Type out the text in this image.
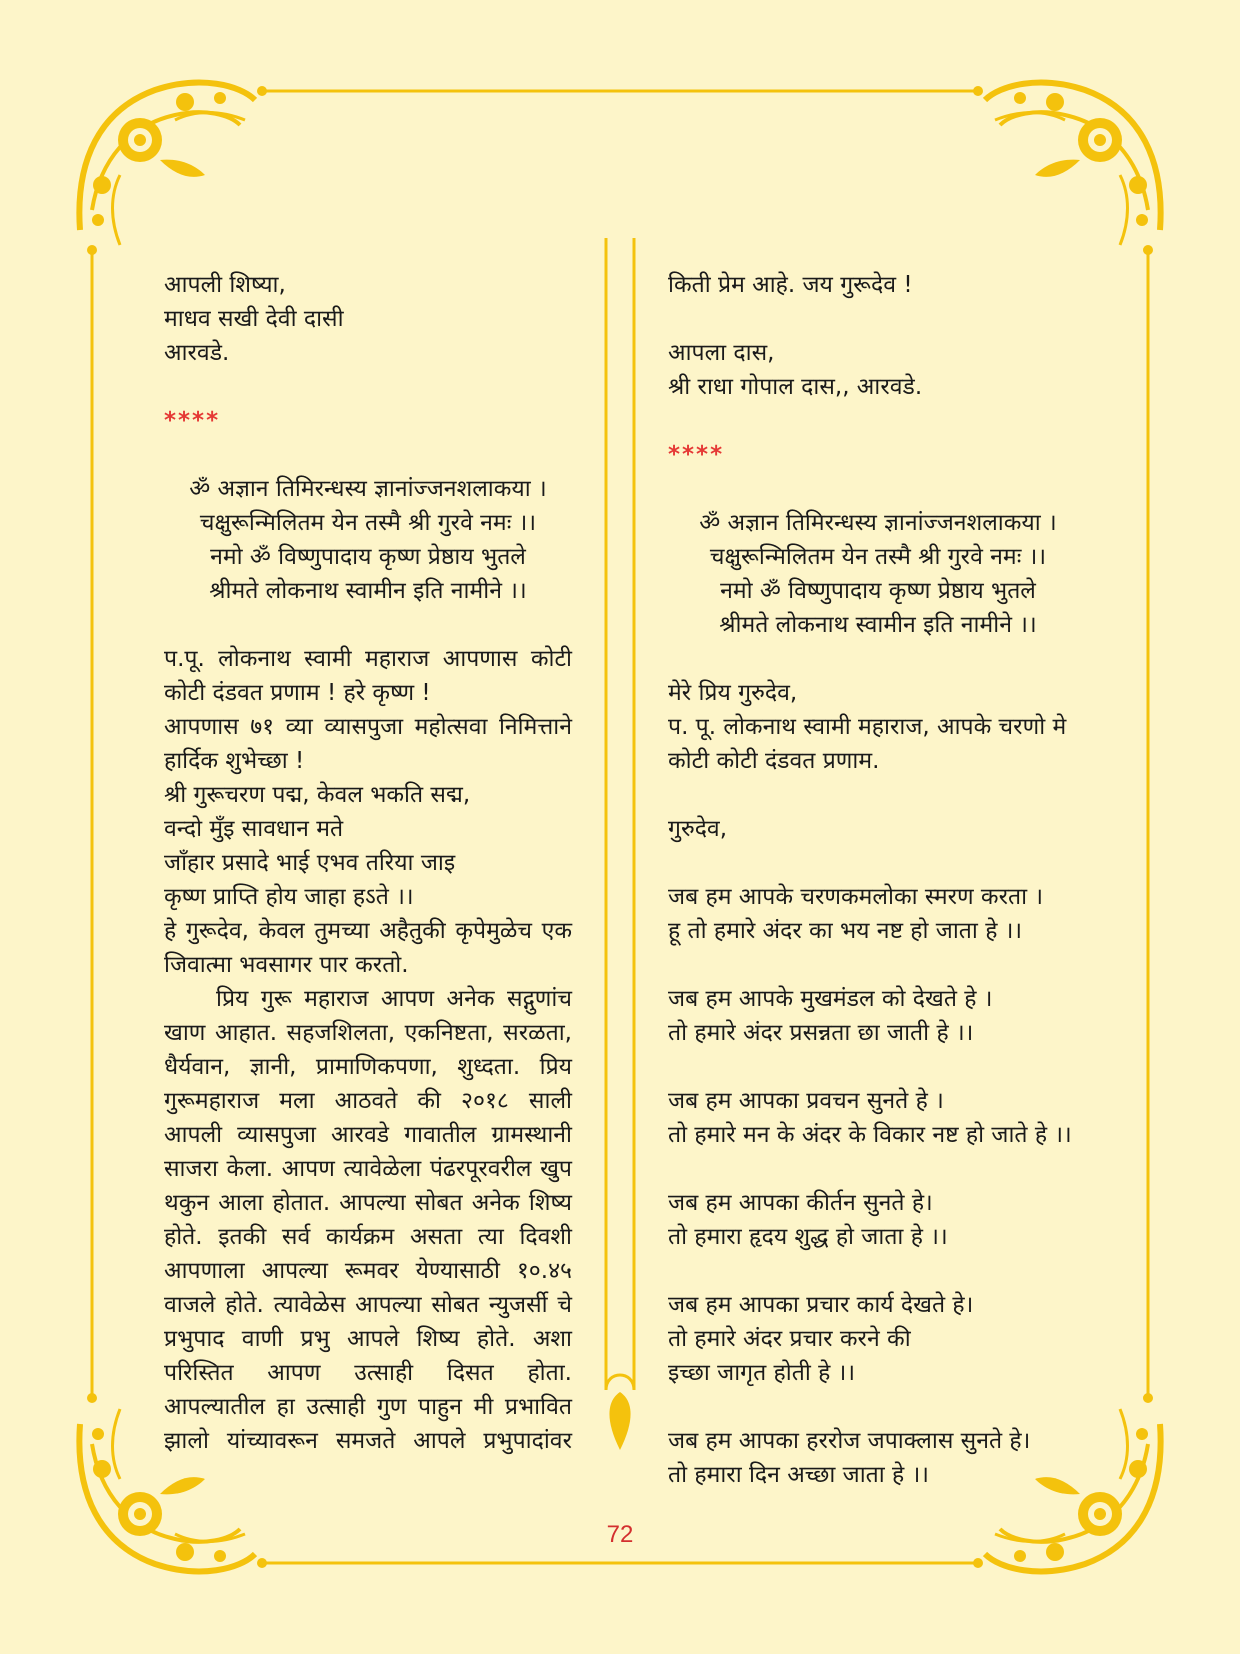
आपली शिष्या,
माधव सखी देवी दासी
आरवडे.
****
ॐ अज्ञान तिमिरन्धस्य ज्ञानांज्जनशलाकया ।
चक्षुरून्मिलितम येन तस्मै श्री गुरवे नमः ।।
नमो ॐ विष्णुपादाय कृष्ण प्रेष्ठाय भुतले
श्रीमते लोकनाथ स्वामीन इति नामीने ।।
प.पू. लोकनाथ स्वामी महाराज आपणास कोटी
कोटी दंडवत प्रणाम ! हरे कृष्ण !
आपणास ७१ व्या व्यासपुजा महोत्सवा निमित्ताने
हार्दिक शुभेच्छा !
श्री गुरूचरण पद्म, केवल भकति सद्म,
वन्दो मुँइ सावधान मते
जाँहार प्रसादे भाई एभव तरिया जाइ
कृष्ण प्राप्ति होय जाहा हऽते ।।
हे गुरूदेव, केवल तुमच्या अहैतुकी कृपेमुळेच एक
जिवात्मा भवसागर पार करतो.
प्रिय गुरू महाराज आपण अनेक सद्गुणांच
खाण आहात. सहजशिलता, एकनिष्टता, सरळता,
धैर्यवान, ज्ञानी, प्रामाणिकपणा, शुध्दता. प्रिय
गुरूमहाराज मला आठवते की २०१८ साली
आपली व्यासपुजा आरवडे गावातील ग्रामस्थानी
साजरा केला. आपण त्यावेळेला पंढरपूरवरील खुप
थकुन आला होतात. आपल्या सोबत अनेक शिष्य
होते. इतकी सर्व कार्यक्रम असता त्या दिवशी
आपणाला आपल्या रूमवर येण्यासाठी १०.४५
वाजले होते. त्यावेळेस आपल्या सोबत न्युजर्सी चे
प्रभुपाद वाणी प्रभु आपले शिष्य होते. अशा
परिस्तित आपण उत्साही दिसत होता.
आपल्यातील हा उत्साही गुण पाहुन मी प्रभावित
झालो यांच्यावरून समजते आपले प्रभुपादांवर
किती प्रेम आहे. जय गुरूदेव !
आपला दास,
श्री राधा गोपाल दास,, आरवडे.
****
ॐ अज्ञान तिमिरन्धस्य ज्ञानांज्जनशलाकया ।
चक्षुरून्मिलितम येन तस्मै श्री गुरवे नमः ।।
नमो ॐ विष्णुपादाय कृष्ण प्रेष्ठाय भुतले
श्रीमते लोकनाथ स्वामीन इति नामीने ।।
मेरे प्रिय गुरुदेव,
प. पू. लोकनाथ स्वामी महाराज, आपके चरणो मे
कोटी कोटी दंडवत प्रणाम.
गुरुदेव,
जब हम आपके चरणकमलोका स्मरण करता ।
हू तो हमारे अंदर का भय नष्ट हो जाता हे ।।
जब हम आपके मुखमंडल को देखते हे ।
तो हमारे अंदर प्रसन्नता छा जाती हे ।।
जब हम आपका प्रवचन सुनते हे ।
तो हमारे मन के अंदर के विकार नष्ट हो जाते हे ।।
जब हम आपका कीर्तन सुनते हे।
तो हमारा हृदय शुद्ध हो जाता हे ।।
जब हम आपका प्रचार कार्य देखते हे।
तो हमारे अंदर प्रचार करने की
इच्छा जागृत होती हे ।।
जब हम आपका हररोज जपाक्लास सुनते हे।
तो हमारा दिन अच्छा जाता हे ।।
72
